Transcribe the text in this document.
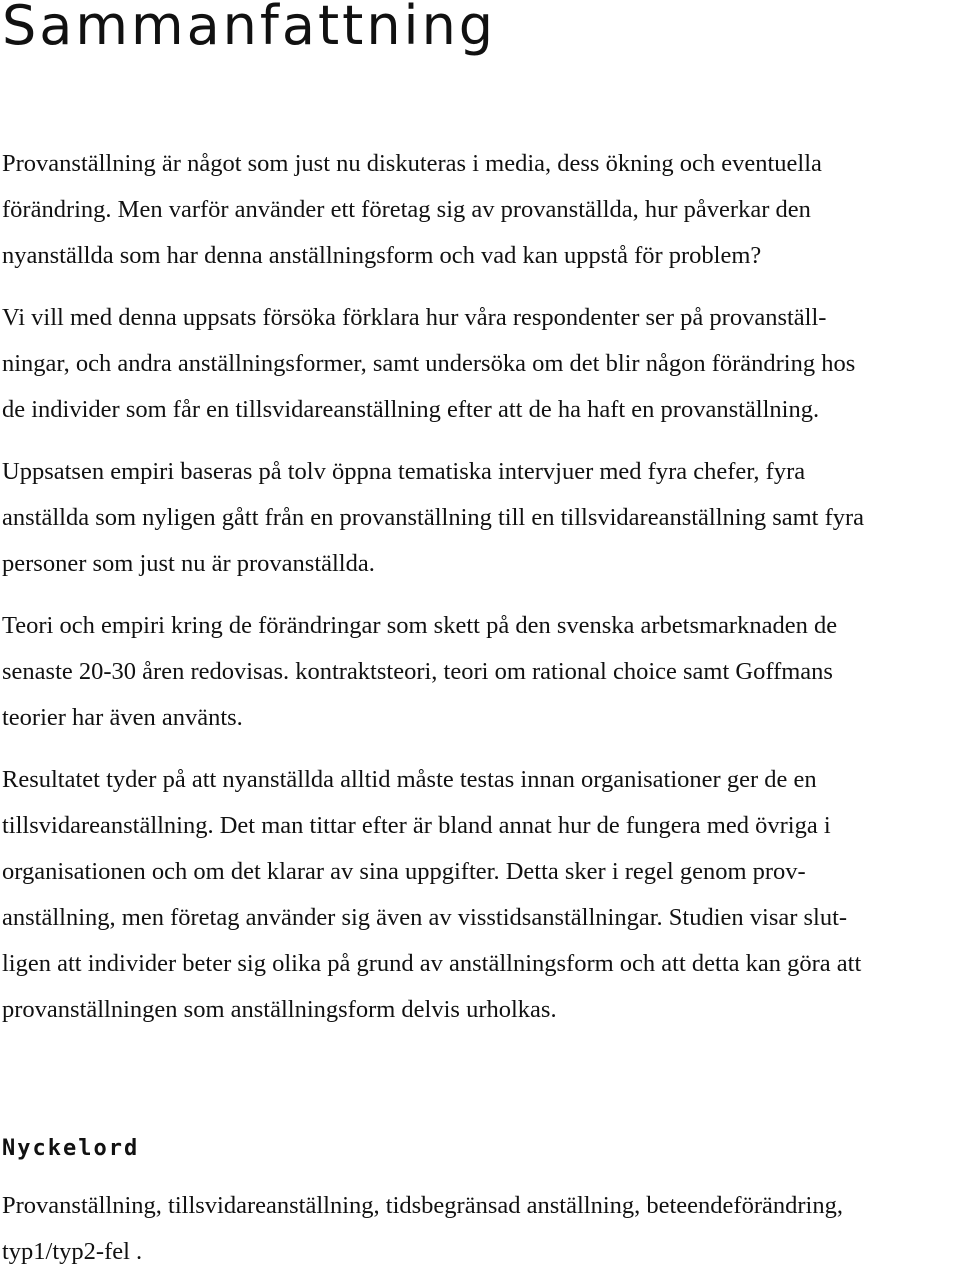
Sammanfattning

Provanställning är något som just nu diskuteras i media, dess ökning och eventuella
förändring. Men varför använder ett företag sig av provanställda, hur påverkar den
nyanställda som har denna anställningsform och vad kan uppstå för problem?

Vi vill med denna uppsats försöka förklara hur våra respondenter ser på provanställ-
ningar, och andra anställningsformer, samt undersöka om det blir någon förändring hos
de individer som får en tillsvidareanställning efter att de ha haft en provanställning.

Uppsatsen empiri baseras på tolv öppna tematiska intervjuer med fyra chefer, fyra
anställda som nyligen gått från en provanställning till en tillsvidareanställning samt fyra
personer som just nu är provanställda.

Teori och empiri kring de förändringar som skett på den svenska arbetsmarknaden de
senaste 20-30 åren redovisas. kontraktsteori, teori om rational choice samt Goffmans
teorier har även använts.

Resultatet tyder på att nyanställda alltid måste testas innan organisationer ger de en
tillsvidareanställning. Det man tittar efter är bland annat hur de fungera med övriga i
organisationen och om det klarar av sina uppgifter. Detta sker i regel genom prov-
anställning, men företag använder sig även av visstidsanställningar. Studien visar slut-
ligen att individer beter sig olika på grund av anställningsform och att detta kan göra att
provanställningen som anställningsform delvis urholkas.

Nyckelord

Provanställning, tillsvidareanställning, tidsbegränsad anställning, beteendeförändring,
typ1/typ2-fel .
